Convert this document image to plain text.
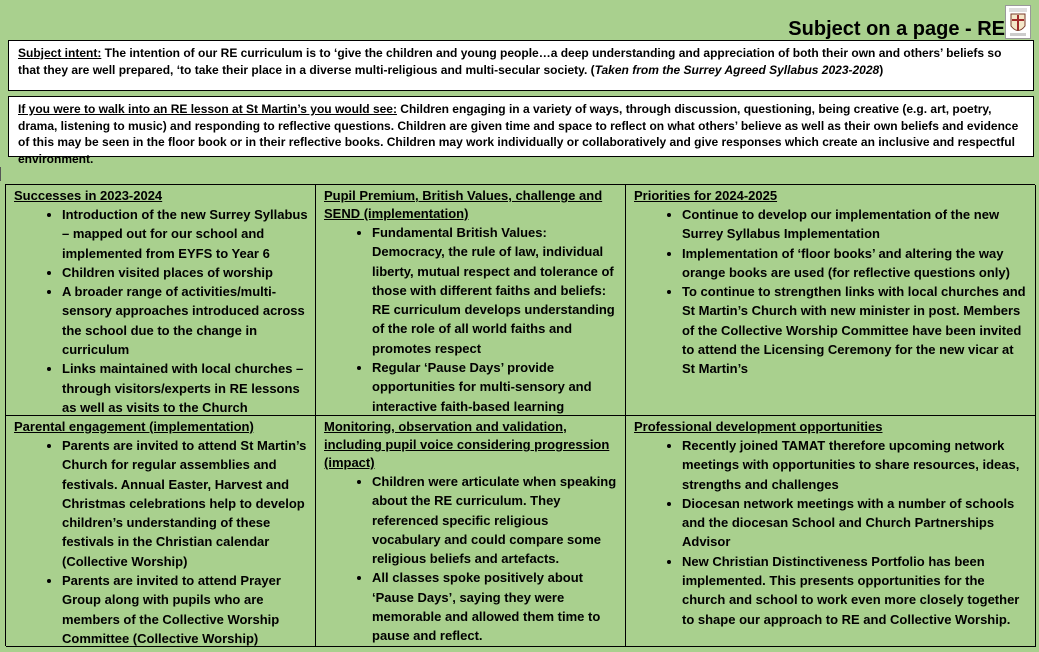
Subject on a page - RE
Subject intent: The intention of our RE curriculum is to ‘give the children and young people…a deep understanding and appreciation of both their own and others’ beliefs so that they are well prepared, ‘to take their place in a diverse multi-religious and multi-secular society. (Taken from the Surrey Agreed Syllabus 2023-2028)
If you were to walk into an RE lesson at St Martin’s you would see: Children engaging in a variety of ways, through discussion, questioning, being creative (e.g. art, poetry, drama, listening to music) and responding to reflective questions. Children are given time and space to reflect on what others’ believe as well as their own beliefs and evidence of this may be seen in the floor book or in their reflective books. Children may work individually or collaboratively and give responses which create an inclusive and respectful environment.
Successes in 2023-2024
• Introduction of the new Surrey Syllabus – mapped out for our school and implemented from EYFS to Year 6
• Children visited places of worship
• A broader range of activities/multi-sensory approaches introduced across the school due to the change in curriculum
• Links maintained with local churches – through visitors/experts in RE lessons as well as visits to the Church
Pupil Premium, British Values, challenge and SEND (implementation)
• Fundamental British Values: Democracy, the rule of law, individual liberty, mutual respect and tolerance of those with different faiths and beliefs: RE curriculum develops understanding of the role of all world faiths and promotes respect
• Regular ‘Pause Days’ provide opportunities for multi-sensory and interactive faith-based learning
Priorities for 2024-2025
• Continue to develop our implementation of the new Surrey Syllabus Implementation
• Implementation of ‘floor books’ and altering the way orange books are used (for reflective questions only)
• To continue to strengthen links with local churches and St Martin’s Church with new minister in post. Members of the Collective Worship Committee have been invited to attend the Licensing Ceremony for the new vicar at St Martin’s
Parental engagement (implementation)
• Parents are invited to attend St Martin’s Church for regular assemblies and festivals. Annual Easter, Harvest and Christmas celebrations help to develop children’s understanding of these festivals in the Christian calendar (Collective Worship)
• Parents are invited to attend Prayer Group along with pupils who are members of the Collective Worship Committee (Collective Worship)
Monitoring, observation and validation, including pupil voice considering progression (impact)
• Children were articulate when speaking about the RE curriculum. They referenced specific religious vocabulary and could compare some religious beliefs and artefacts.
• All classes spoke positively about ‘Pause Days’, saying they were memorable and allowed them time to pause and reflect.
Professional development opportunities
• Recently joined TAMAT therefore upcoming network meetings with opportunities to share resources, ideas, strengths and challenges
• Diocesan network meetings with a number of schools and the diocesan School and Church Partnerships Advisor
• New Christian Distinctiveness Portfolio has been implemented. This presents opportunities for the church and school to work even more closely together to shape our approach to RE and Collective Worship.
